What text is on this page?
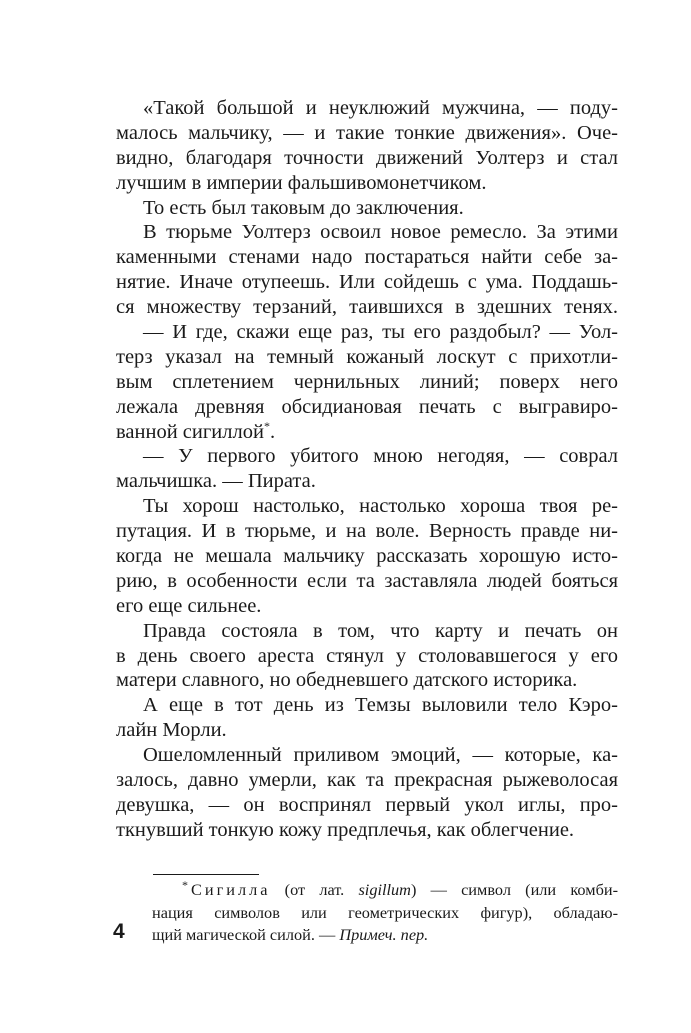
«Такой большой и неуклюжий мужчина, — поду-
малось мальчику, — и такие тонкие движения». Оче-
видно, благодаря точности движений Уолтерз и стал
лучшим в империи фальшивомонетчиком.
То есть был таковым до заключения.
В тюрьме Уолтерз освоил новое ремесло. За этими
каменными стенами надо постараться найти себе за-
нятие. Иначе отупеешь. Или сойдешь с ума. Поддашь-
ся множеству терзаний, таившихся в здешних тенях.
— И где, скажи еще раз, ты его раздобыл? — Уол-
терз указал на темный кожаный лоскут с прихотли-
вым сплетением чернильных линий; поверх него
лежала древняя обсидиановая печать с выгравиро-
ванной сигиллой*.
— У первого убитого мною негодяя, — соврал
мальчишка. — Пирата.
Ты хорош настолько, настолько хороша твоя ре-
путация. И в тюрьме, и на воле. Верность правде ни-
когда не мешала мальчику рассказать хорошую исто-
рию, в особенности если та заставляла людей бояться
его еще сильнее.
Правда состояла в том, что карту и печать он
в день своего ареста стянул у столовавшегося у его
матери славного, но обедневшего датского историка.
А еще в тот день из Темзы выловили тело Кэро-
лайн Морли.
Ошеломленный приливом эмоций, — которые, ка-
залось, давно умерли, как та прекрасная рыжеволосая
девушка, — он воспринял первый укол иглы, про-
ткнувший тонкую кожу предплечья, как облегчение.
* Сигилла (от лат. sigillum) — символ (или комби-
нация символов или геометрических фигур), обладаю-
щий магической силой. — Примеч. пер.
4
